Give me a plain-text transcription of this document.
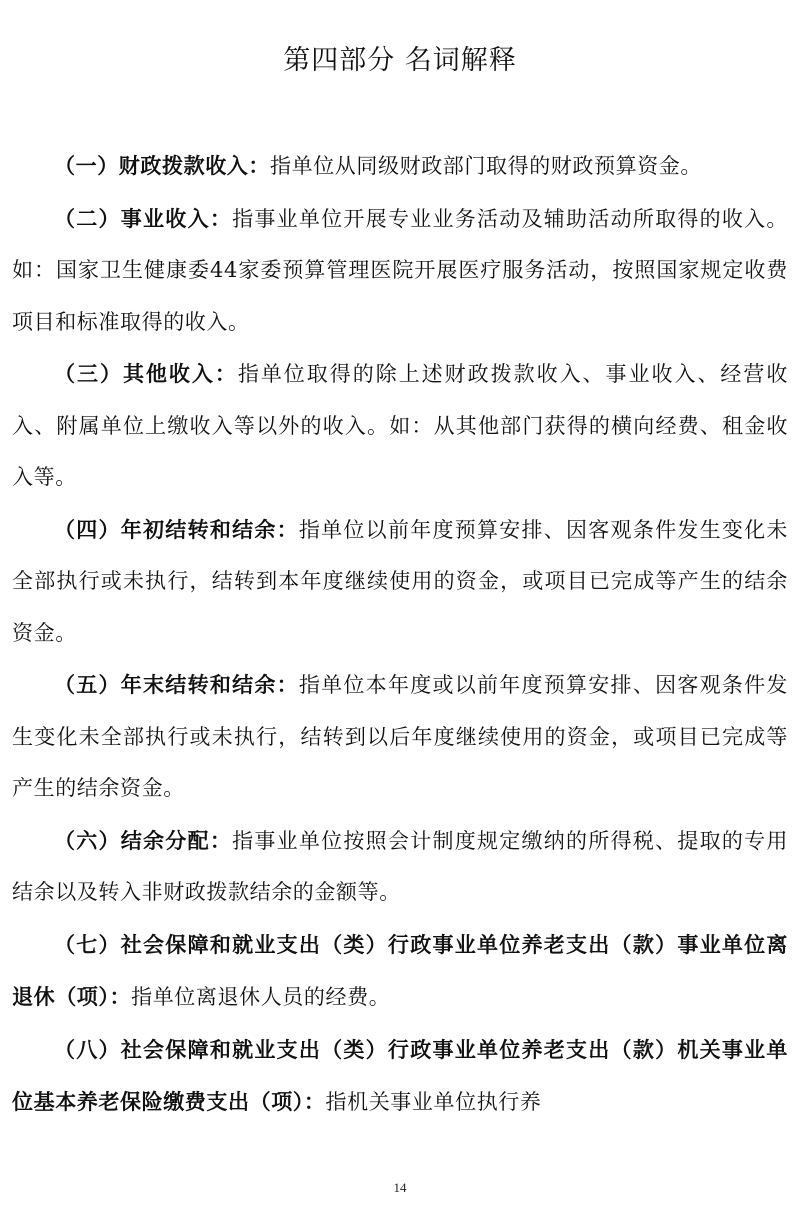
第四部分 名词解释

（一）财政拨款收入：指单位从同级财政部门取得的财政预算资金。

（二）事业收入：指事业单位开展专业业务活动及辅助活动所取得的收入。如：国家卫生健康委44家委预算管理医院开展医疗服务活动，按照国家规定收费项目和标准取得的收入。

（三）其他收入：指单位取得的除上述财政拨款收入、事业收入、经营收入、附属单位上缴收入等以外的收入。如：从其他部门获得的横向经费、租金收入等。

（四）年初结转和结余：指单位以前年度预算安排、因客观条件发生变化未全部执行或未执行，结转到本年度继续使用的资金，或项目已完成等产生的结余资金。

（五）年末结转和结余：指单位本年度或以前年度预算安排、因客观条件发生变化未全部执行或未执行，结转到以后年度继续使用的资金，或项目已完成等产生的结余资金。

（六）结余分配：指事业单位按照会计制度规定缴纳的所得税、提取的专用结余以及转入非财政拨款结余的金额等。

（七）社会保障和就业支出（类）行政事业单位养老支出（款）事业单位离退休（项）：指单位离退休人员的经费。

（八）社会保障和就业支出（类）行政事业单位养老支出（款）机关事业单位基本养老保险缴费支出（项）：指机关事业单位执行养

14
